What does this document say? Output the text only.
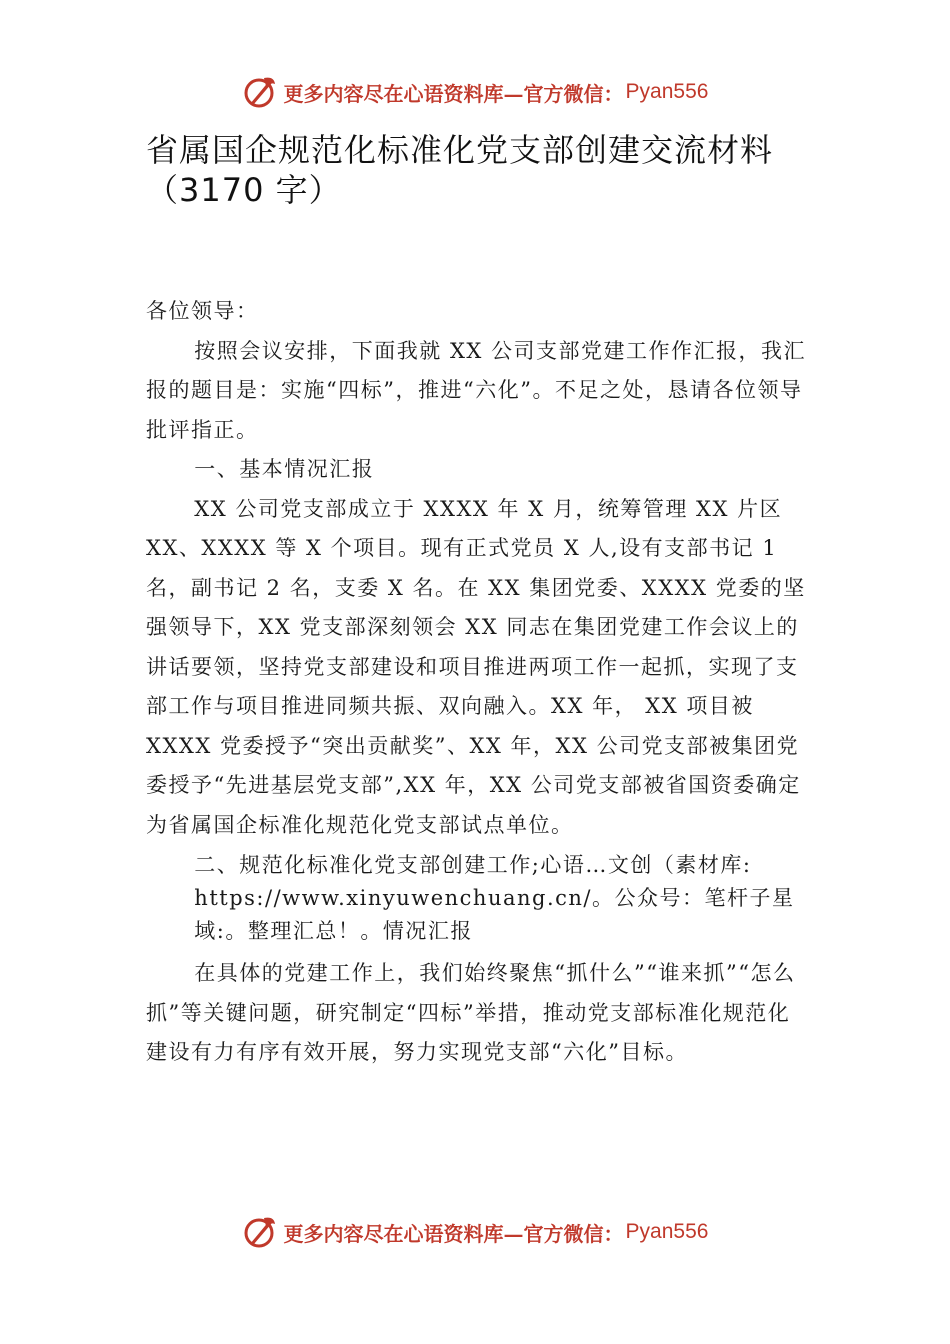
更多内容尽在心语资料库—官方微信： Pyan556
省属国企规范化标准化党支部创建交流材料（3170 字）

各位领导：

按照会议安排，下面我就 XX 公司支部党建工作作汇报，我汇报的题目是：实施“四标”，推进“六化”。不足之处，恳请各位领导批评指正。

一、基本情况汇报

XX 公司党支部成立于 XXXX 年 X 月，统筹管理 XX 片区XX、XXXX 等 X 个项目。现有正式党员 X 人,设有支部书记 1 名，副书记 2 名，支委 X 名。在 XX 集团党委、XXXX 党委的坚强领导下，XX 党支部深刻领会 XX 同志在集团党建工作会议上的讲话要领，坚持党支部建设和项目推进两项工作一起抓，实现了支部工作与项目推进同频共振、双向融入。XX 年， XX 项目被 XXXX 党委授予“突出贡献奖”、XX 年，XX 公司党支部被集团党委授予“先进基层党支部”,XX 年，XX 公司党支部被省国资委确定为省属国企标准化规范化党支部试点单位。

二、规范化标准化党支部创建工作;心语…文创（素材库:
https://www.xinyuwenchuang.cn/。公众号：笔杆子星
域:。整理汇总！。情况汇报

在具体的党建工作上，我们始终聚焦“抓什么”“谁来抓”“怎么抓”等关键问题，研究制定“四标”举措，推动党支部标准化规范化建设有力有序有效开展，努力实现党支部“六化”目标。

更多内容尽在心语资料库—官方微信： Pyan556
